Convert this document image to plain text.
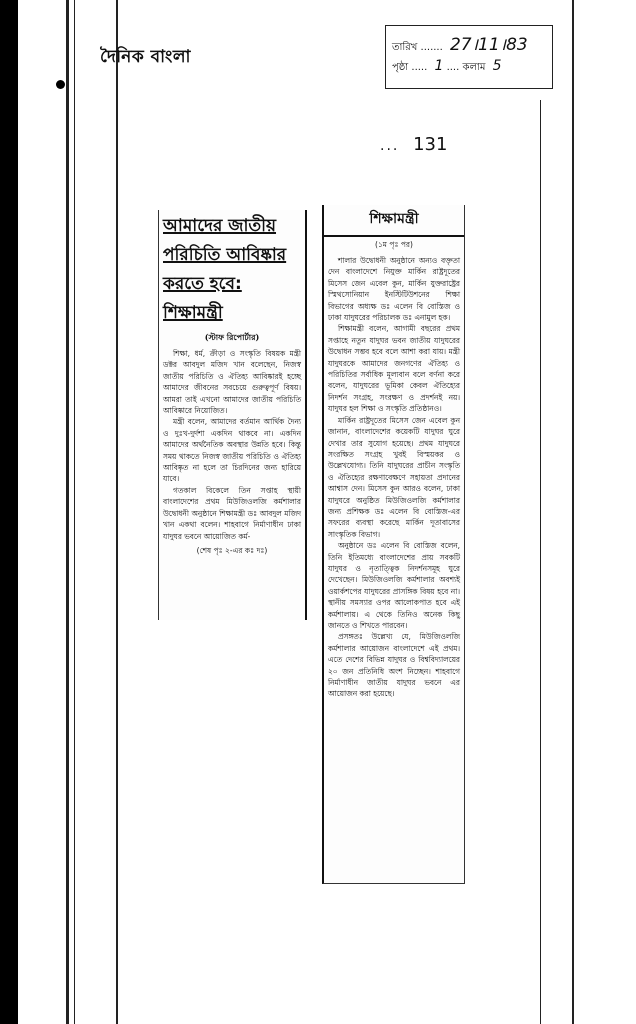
দৈনিক বাংলা	তারিখ ....... 27।11।83
পৃষ্ঠা ..... 1 .... কলাম 5
... 131
আমাদের জাতীয় পরিচিতি আবিষ্কার করতে হবে: শিক্ষামন্ত্রী
(স্টাফ রিপোর্টার)

শিক্ষা, ধর্ম, ক্রীড়া ও সংস্কৃতি বিষয়ক মন্ত্রী ডক্টর আবদুল মজিদ খান বলেছেন, নিজস্ব জাতীয় পরিচিতি ও ঐতিহ্য আবিষ্কারই হচ্ছে আমাদের জীবনের সবচেয়ে গুরুত্বপূর্ণ বিষয়। আমরা তাই এখনো আমাদের জাতীয় পরিচিতি আবিষ্কারে নিয়োজিত।

মন্ত্রী বলেন, আমাদের বর্তমান আর্থিক দৈন্য ও দুঃখ-দুর্দশা একদিন থাকবে না। একদিন আমাদের অর্থনৈতিক অবস্থার উন্নতি হবে। কিন্তু সময় থাকতে নিজস্ব জাতীয় পরিচিতি ও ঐতিহ্য আবিষ্কৃত না হলে তা চিরদিনের জন্য হারিয়ে যাবে।

গতকাল বিকেলে তিন সপ্তাহ স্থায়ী বাংলাদেশের প্রথম মিউজিওলজি কর্মশালার উদ্বোধনী অনুষ্ঠানে শিক্ষামন্ত্রী ডঃ আবদুল মজিদ খান একথা বলেন। শাহবাগে নির্মাণাধীন ঢাকা যাদুঘর ভবনে আয়োজিত কর্ম-

(শেষ পৃঃ ২-এর কঃ দঃ)
শিক্ষামন্ত্রী
(১ম পৃঃ পর)

শালার উদ্বোধনী অনুষ্ঠানে অন্যও বক্তৃতা দেন বাংলাদেশে নিযুক্ত মার্কিন রাষ্ট্রদূতের মিসেস জেন এবেল কুন, মার্কিন যুক্তরাষ্ট্রের স্মিথসোনিয়ান ইনস্টিটিউশনের শিক্ষা বিভাগের অধ্যক্ষ ডঃ এলেন বি বোস্তিজ ও ঢাকা যাদুঘরের পরিচালক ডঃ এনামুল হক।

শিক্ষামন্ত্রী বলেন, আগামী বছরের প্রথম সপ্তাহে নতুন যাদুঘর ভবন জাতীয় যাদুঘরের উদ্বোধন সম্ভব হবে বলে আশা করা যায়। মন্ত্রী যাদুঘরকে আমাদের জনগণের ঐতিহ্য ও পরিচিতির সর্বাধিক মূল্যবান বলে বর্ণনা করে বলেন, যাদুঘরের ভূমিকা কেবল ঐতিহ্যের নিদর্শন সংগ্রহ, সংরক্ষণ ও প্রদর্শনই নয়। যাদুঘর হল শিক্ষা ও সংস্কৃতি প্রতিষ্ঠানও।

মার্কিন রাষ্ট্রদূতের মিসেস জেন এবেল কুন জানান, বাংলাদেশের কয়েকটি যাদুঘর ঘুরে দেখার তার সুযোগ হয়েছে। প্রথম যাদুঘরে সংরক্ষিত সংগ্রহ খুবই বিস্ময়কর ও উল্লেখযোগ্য। তিনি যাদুঘরের প্রাচীন সংস্কৃতি ও ঐতিহ্যের রক্ষণাবেক্ষণে সহায়তা প্রদানের আশ্বাস দেন। মিসেস কুন আরও বলেন, ঢাকা যাদুঘরে অনুষ্ঠিত মিউজিওলজি কর্মশালার জন্য প্রশিক্ষক ডঃ এলেন বি বোস্তিজ-এর সফরের ব্যবস্থা করেছে মার্কিন দূতাবাসের সাংস্কৃতিক বিভাগ।

অনুষ্ঠানে ডঃ এলেন বি বোস্তিজ বলেন, তিনি ইতিমধ্যে বাংলাদেশের প্রায় সবকটি যাদুঘর ও নৃতাত্ত্বিক নিদর্শনসমূহ ঘুরে দেখেছেন। মিউজিওলজি কর্মশালার অবশ্যই ওয়ার্কশপের যাদুঘরের প্রাসঙ্গিক বিষয় হবে না। স্থানীয় সমস্যার ওপর আলোকপাত হবে এই কর্মশালায়। এ থেকে তিনিও অনেক কিছু জানতে ও শিখতে পারবেন।

প্রসঙ্গতঃ উল্লেখ্য যে, মিউজিওলজি কর্মশালার আয়োজন বাংলাদেশে এই প্রথম। এতে দেশের বিভিন্ন যাদুঘর ও বিশ্ববিদ্যালয়ের ২০ জন প্রতিনিধি অংশ নিচ্ছেন। শাহবাগে নির্মাণাধীন জাতীয় যাদুঘর ভবনে এর আয়োজন করা হয়েছে।
